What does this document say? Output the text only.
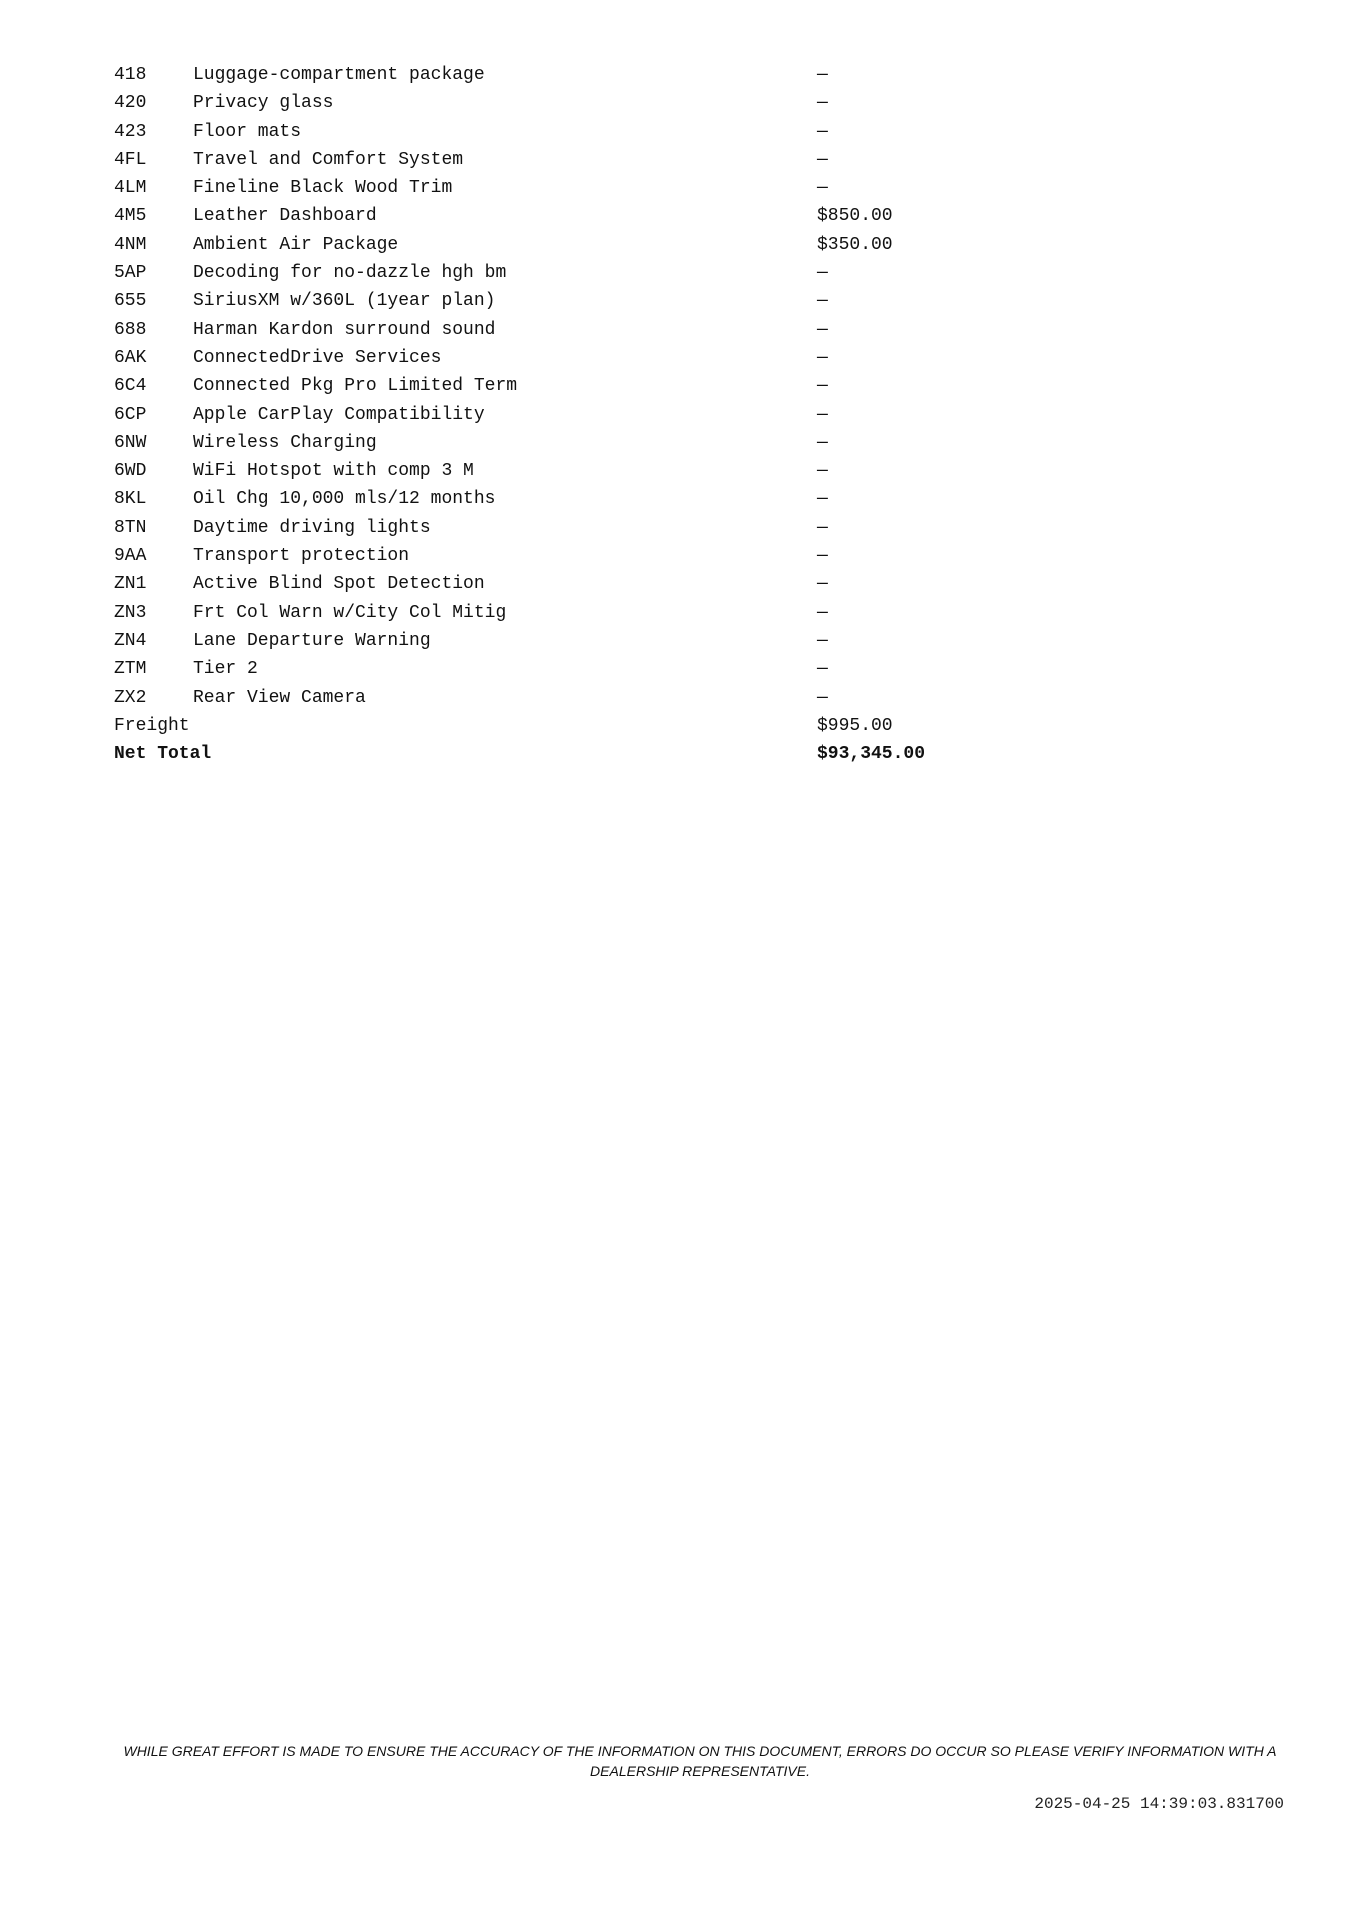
418	Luggage-compartment package	—
420	Privacy glass	—
423	Floor mats	—
4FL	Travel and Comfort System	—
4LM	Fineline Black Wood Trim	—
4M5	Leather Dashboard	$850.00
4NM	Ambient Air Package	$350.00
5AP	Decoding for no-dazzle hgh bm	—
655	SiriusXM w/360L (1year plan)	—
688	Harman Kardon surround sound	—
6AK	ConnectedDrive Services	—
6C4	Connected Pkg Pro Limited Term	—
6CP	Apple CarPlay Compatibility	—
6NW	Wireless Charging	—
6WD	WiFi Hotspot with comp 3 M	—
8KL	Oil Chg 10,000 mls/12 months	—
8TN	Daytime driving lights	—
9AA	Transport protection	—
ZN1	Active Blind Spot Detection	—
ZN3	Frt Col Warn w/City Col Mitig	—
ZN4	Lane Departure Warning	—
ZTM	Tier 2	—
ZX2	Rear View Camera	—
Freight	$995.00
Net Total	$93,345.00
WHILE GREAT EFFORT IS MADE TO ENSURE THE ACCURACY OF THE INFORMATION ON THIS DOCUMENT, ERRORS DO OCCUR SO PLEASE VERIFY INFORMATION WITH A DEALERSHIP REPRESENTATIVE.
2025-04-25 14:39:03.831700
